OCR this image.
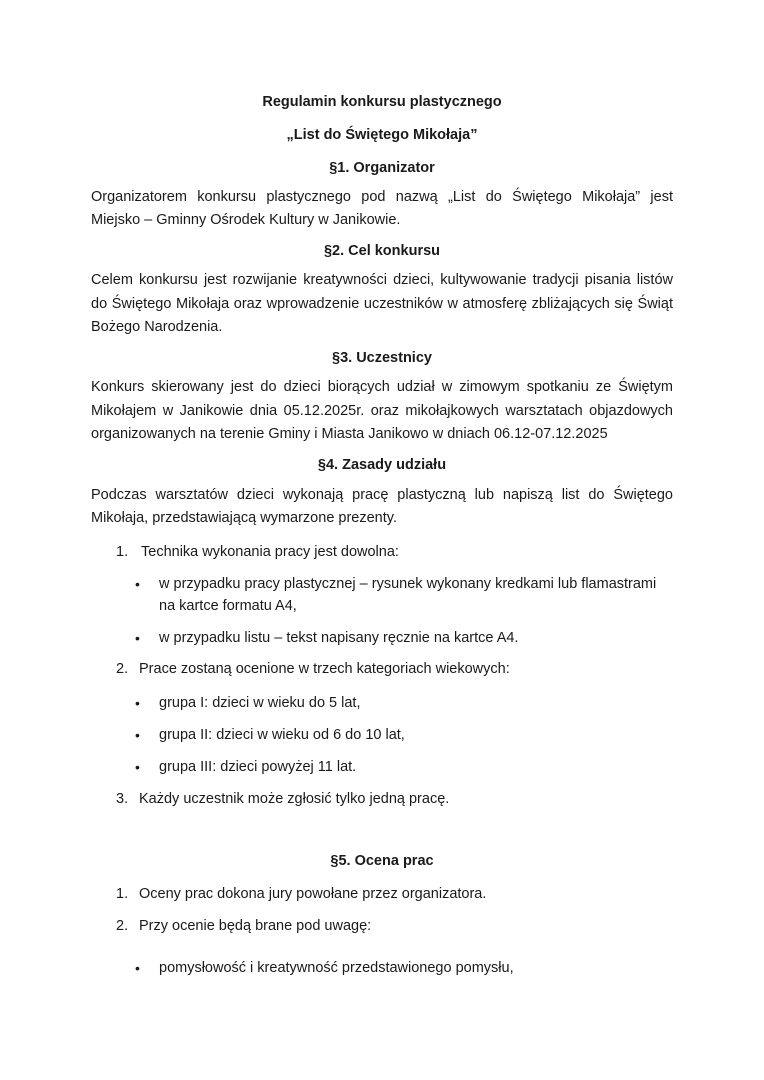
Regulamin konkursu plastycznego
„List do Świętego Mikołaja”
§1. Organizator
Organizatorem konkursu plastycznego pod nazwą „List do Świętego Mikołaja” jest
Miejsko – Gminny Ośrodek Kultury w Janikowie.
§2. Cel konkursu
Celem konkursu jest rozwijanie kreatywności dzieci, kultywowanie tradycji pisania listów
do Świętego Mikołaja oraz wprowadzenie uczestników w atmosferę zbliżających się Świąt
Bożego Narodzenia.
§3. Uczestnicy
Konkurs skierowany jest do dzieci biorących udział w zimowym spotkaniu ze Świętym
Mikołajem w Janikowie dnia 05.12.2025r. oraz mikołajkowych warsztatach objazdowych
organizowanych na terenie Gminy i Miasta Janikowo w dniach 06.12-07.12.2025
§4. Zasady udziału
Podczas warsztatów dzieci wykonają pracę plastyczną lub napiszą list do Świętego
Mikołaja, przedstawiającą wymarzone prezenty.
1. Technika wykonania pracy jest dowolna:
• w przypadku pracy plastycznej – rysunek wykonany kredkami lub flamastrami
na kartce formatu A4,
• w przypadku listu – tekst napisany ręcznie na kartce A4.
2. Prace zostaną ocenione w trzech kategoriach wiekowych:
• grupa I: dzieci w wieku do 5 lat,
• grupa II: dzieci w wieku od 6 do 10 lat,
• grupa III: dzieci powyżej 11 lat.
3. Każdy uczestnik może zgłosić tylko jedną pracę.
§5. Ocena prac
1. Oceny prac dokona jury powołane przez organizatora.
2. Przy ocenie będą brane pod uwagę:
• pomysłowość i kreatywność przedstawionego pomysłu,
